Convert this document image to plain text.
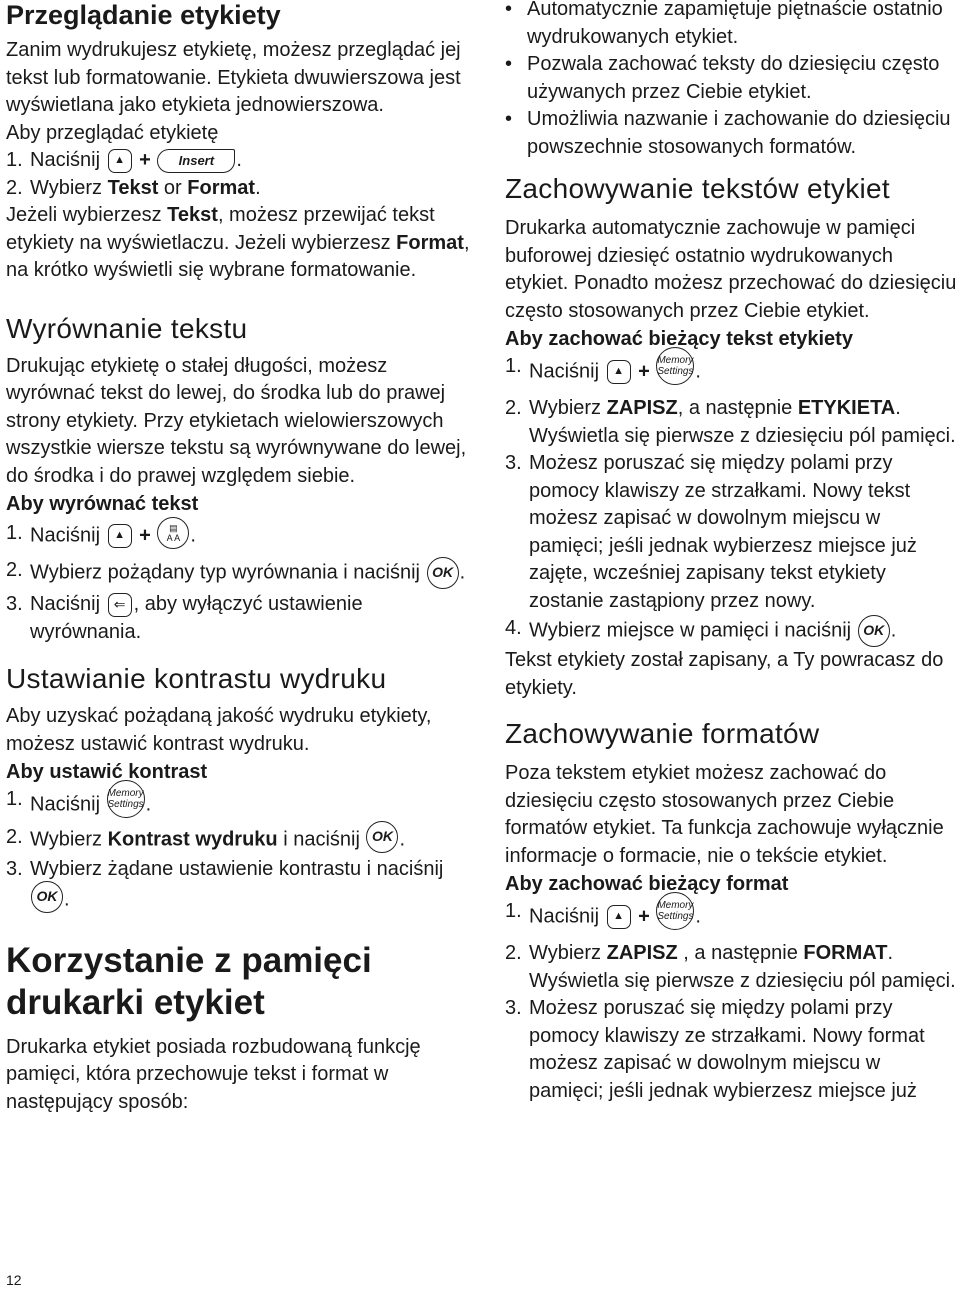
Przeglądanie etykiety

Zanim wydrukujesz etykietę, możesz przeglądać jej tekst lub formatowanie. Etykieta dwuwierszowa jest wyświetlana jako etykieta jednowierszowa.

Aby przeglądać etykietę

1. Naciśnij ▲ + Insert .
2. Wybierz Tekst or Format.

Jeżeli wybierzesz Tekst, możesz przewijać tekst etykiety na wyświetlaczu. Jeżeli wybierzesz Format, na krótko wyświetli się wybrane formatowanie.

Wyrównanie tekstu

Drukując etykietę o stałej długości, możesz wyrównać tekst do lewej, do środka lub do prawej strony etykiety. Przy etykietach wielowierszowych wszystkie wiersze tekstu są wyrównywane do lewej, do środka i do prawej względem siebie.

Aby wyrównać tekst

1. Naciśnij ▲ + ▤
A A .
2. Wybierz pożądany typ wyrównania i naciśnij OK .
3. Naciśnij ⇐ , aby wyłączyć ustawienie wyrównania.
Ustawianie kontrastu wydruku

Aby uzyskać pożądaną jakość wydruku etykiety, możesz ustawić kontrast wydruku.

Aby ustawić kontrast

1. Naciśnij Memory
Settings .
2. Wybierz Kontrast wydruku i naciśnij OK .
3. Wybierz żądane ustawienie kontrastu i naciśnijOK .
Korzystanie z pamięci drukarki etykiet

Drukarka etykiet posiada rozbudowaną funkcję pamięci, która przechowuje tekst i format w następujący sposób:

• Automatycznie zapamiętuje piętnaście ostatnio wydrukowanych etykiet.
• Pozwala zachować teksty do dziesięciu często używanych przez Ciebie etykiet.
• Umożliwia nazwanie i zachowanie do dziesięciu powszechnie stosowanych formatów.
Zachowywanie tekstów etykiet

Drukarka automatycznie zachowuje w pamięci buforowej dziesięć ostatnio wydrukowanych etykiet. Ponadto możesz przechować do dziesięciu często stosowanych przez Ciebie etykiet.

Aby zachować bieżący tekst etykiety

1. Naciśnij ▲ + Memory
Settings .
2. Wybierz ZAPISZ, a następnie ETYKIETA. Wyświetla się pierwsze z dziesięciu pól pamięci.
3. Możesz poruszać się między polami przy pomocy klawiszy ze strzałkami. Nowy tekst możesz zapisać w dowolnym miejscu w pamięci; jeśli jednak wybierzesz miejsce już zajęte, wcześniej zapisany tekst etykiety zostanie zastąpiony przez nowy.
4. Wybierz miejsce w pamięci i naciśnij OK .

Tekst etykiety został zapisany, a Ty powracasz do etykiety.

Zachowywanie formatów

Poza tekstem etykiet możesz zachować do dziesięciu często stosowanych przez Ciebie formatów etykiet. Ta funkcja zachowuje wyłącznie informacje o formacie, nie o tekście etykiet.

Aby zachować bieżący format

1. Naciśnij ▲ + Memory
Settings .
2. Wybierz ZAPISZ , a następnie FORMAT. Wyświetla się pierwsze z dziesięciu pól pamięci.
3. Możesz poruszać się między polami przy pomocy klawiszy ze strzałkami. Nowy format możesz zapisać w dowolnym miejscu w pamięci; jeśli jednak wybierzesz miejsce już
12
